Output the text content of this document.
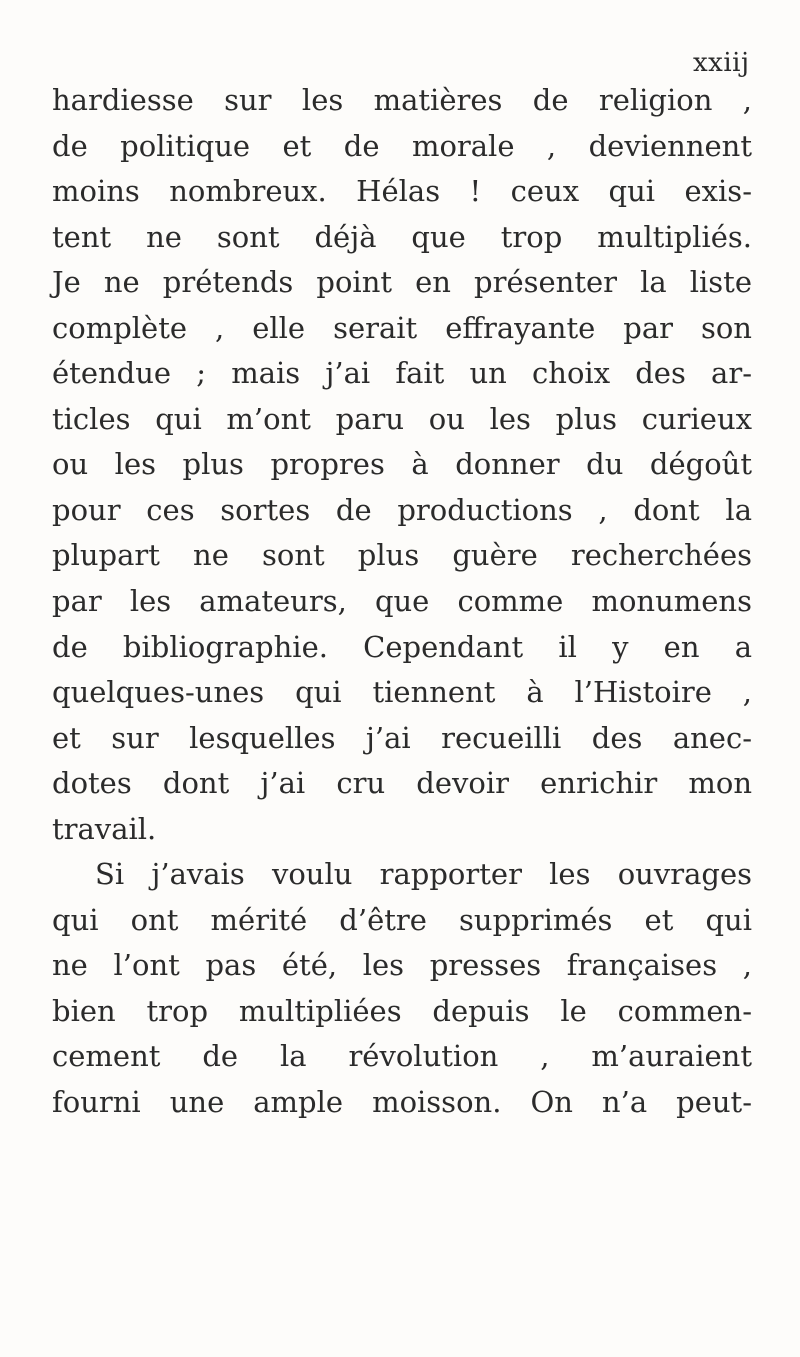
xxiij
hardiesse sur les matières de religion ,
de politique et de morale , deviennent
moins nombreux. Hélas ! ceux qui exis-
tent ne sont déjà que trop multipliés.
Je ne prétends point en présenter la liste
complète , elle serait effrayante par son
étendue ; mais j’ai fait un choix des ar-
ticles qui m’ont paru ou les plus curieux
ou les plus propres à donner du dégoût
pour ces sortes de productions , dont la
plupart ne sont plus guère recherchées
par les amateurs, que comme monumens
de bibliographie. Cependant il y en a
quelques-unes qui tiennent à l’Histoire ,
et sur lesquelles j’ai recueilli des anec-
dotes dont j’ai cru devoir enrichir mon
travail.
Si j’avais voulu rapporter les ouvrages
qui ont mérité d’être supprimés et qui
ne l’ont pas été, les presses françaises ,
bien trop multipliées depuis le commen-
cement de la révolution , m’auraient
fourni une ample moisson. On n’a peut-
